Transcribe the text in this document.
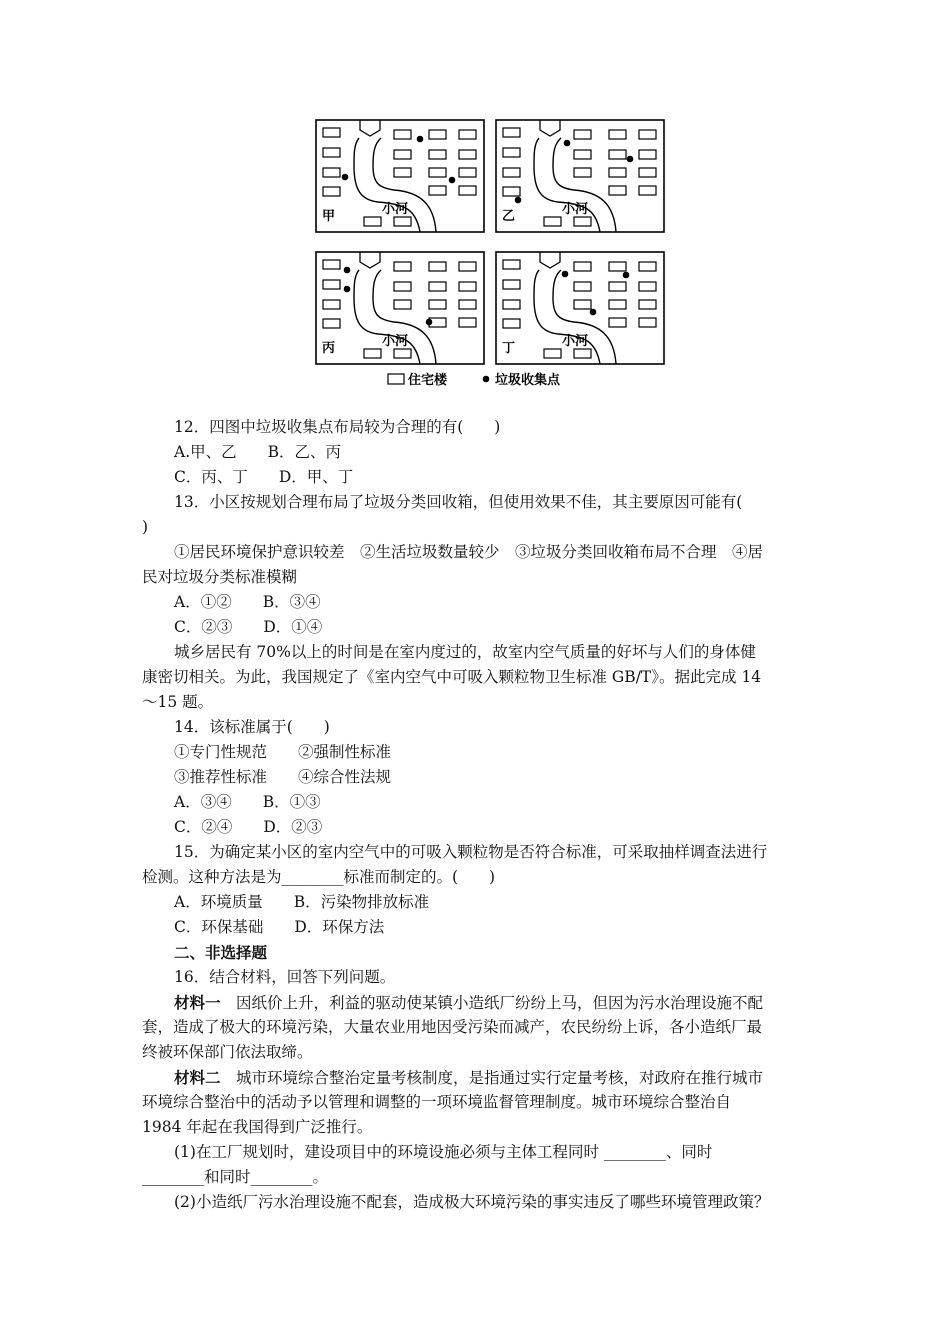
小河
甲	小河
乙
小河
丙	小河
丁
住宅楼	垃圾收集点
12．四图中垃圾收集点布局较为合理的有(　　)
A.甲、乙　　B．乙、丙
C．丙、丁　　D．甲、丁
13．小区按规划合理布局了垃圾分类回收箱，但使用效果不佳，其主要原因可能有(
)
①居民环境保护意识较差　②生活垃圾数量较少　③垃圾分类回收箱布局不合理　④居
民对垃圾分类标准模糊
A．①②　　B．③④
C．②③　　D．①④
城乡居民有 70%以上的时间是在室内度过的，故室内空气质量的好坏与人们的身体健
康密切相关。为此，我国规定了《室内空气中可吸入颗粒物卫生标准 GB/T》。据此完成 14
～15 题。
14．该标准属于(　　)
①专门性规范　　②强制性标准
③推荐性标准　　④综合性法规
A．③④　　B．①③
C．②④　　D．②③
15．为确定某小区的室内空气中的可吸入颗粒物是否符合标准，可采取抽样调查法进行
检测。这种方法是为________标准而制定的。(　　)
A．环境质量　　B．污染物排放标准
C．环保基础　　D．环保方法
二、非选择题
16．结合材料，回答下列问题。
材料一　因纸价上升，利益的驱动使某镇小造纸厂纷纷上马，但因为污水治理设施不配
套，造成了极大的环境污染，大量农业用地因受污染而减产，农民纷纷上诉，各小造纸厂最
终被环保部门依法取缔。
材料二　城市环境综合整治定量考核制度，是指通过实行定量考核，对政府在推行城市
环境综合整治中的活动予以管理和调整的一项环境监督管理制度。城市环境综合整治自
1984 年起在我国得到广泛推行。
(1)在工厂规划时，建设项目中的环境设施必须与主体工程同时 ________、同时
________和同时________。
(2)小造纸厂污水治理设施不配套，造成极大环境污染的事实违反了哪些环境管理政策？
